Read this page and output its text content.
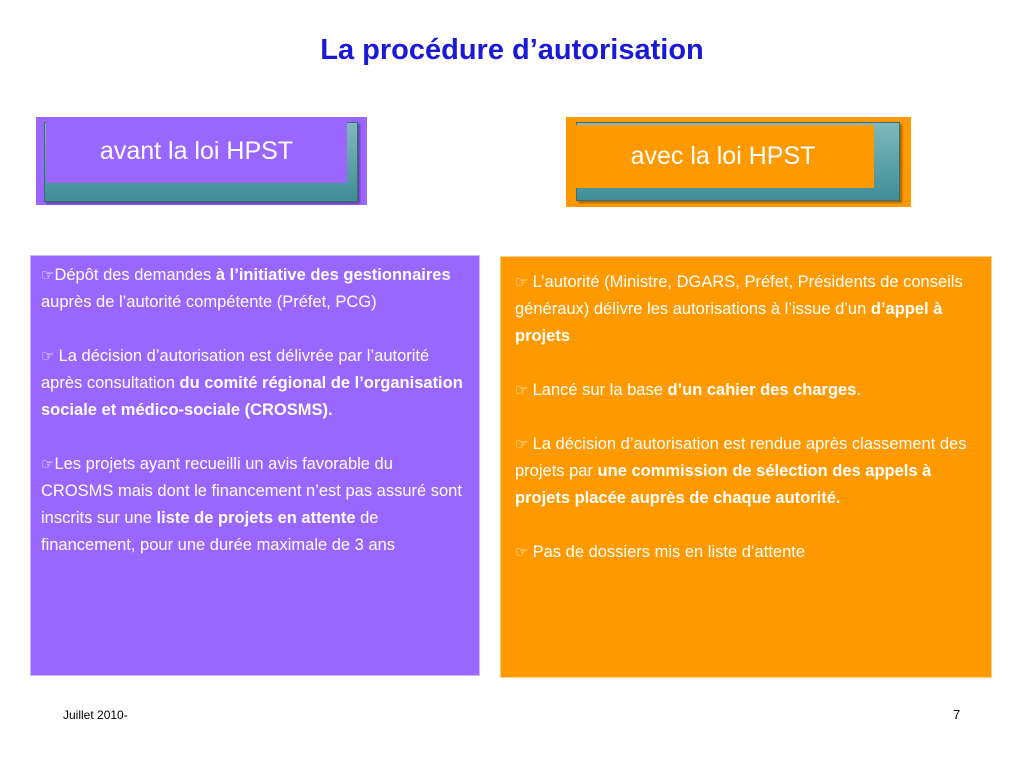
La procédure d’autorisation
avant la loi HPST	avec la loi HPST

☞Dépôt des demandes à l’initiative des gestionnaires auprès de l’autorité compétente (Préfet, PCG)

☞ La décision d’autorisation est délivrée par l’autorité après consultation du comité régional de l’organisation sociale et médico-sociale (CROSMS).

☞Les projets ayant recueilli un avis favorable du CROSMS mais dont le financement n’est pas assuré sont inscrits sur une liste de projets en attente de financement, pour une durée maximale de 3 ans

☞ L’autorité (Ministre, DGARS, Préfet, Présidents de conseils généraux) délivre les autorisations à l’issue d’un d’appel à projets

☞ Lancé sur la base d’un cahier des charges.

☞ La décision d’autorisation est rendue après classement des projets par une commission de sélection des appels à projets placée auprès de chaque autorité.

☞ Pas de dossiers mis en liste d’attente

Juillet 2010-	7
